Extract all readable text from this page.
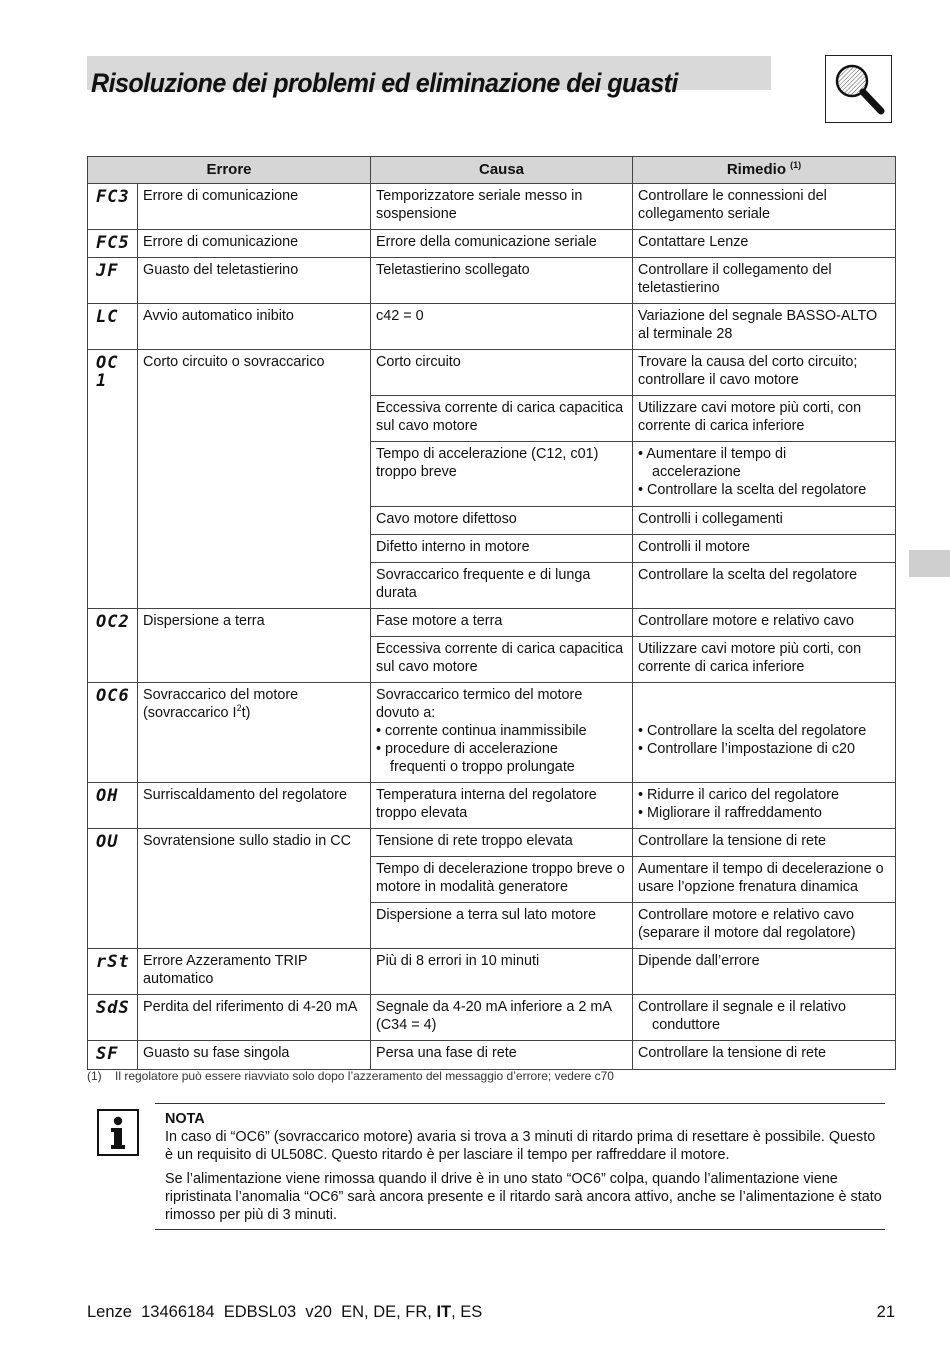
Risoluzione dei problemi ed eliminazione dei guasti
Errore		Causa	Rimedio $^{(1)}$
FC3	Errore di comunicazione	Temporizzatore seriale messo in sospensione	Controllare le connessioni del collegamento seriale
FC5	Errore di comunicazione	Errore della comunicazione seriale	Contattare Lenze
JF	Guasto del teletastierino	Teletastierino scollegato	Controllare il collegamento del teletastierino
LC	Avvio automatico inibito	c42 = 0	Variazione del segnale BASSO-ALTO al terminale 28
OC 1	Corto circuito o sovraccarico	Corto circuito	Trovare la causa del corto circuito; controllare il cavo motore
		Eccessiva corrente di carica capacitica sul cavo motore	Utilizzare cavi motore più corti, con corrente di carica inferiore
		Tempo di accelerazione (C12, c01) troppo breve	• Aumentare il tempo di
accelerazione
• Controllare la scelta del regolatore

		Cavo motore difettoso	Controlli i collegamenti
		Difetto interno in motore	Controlli il motore
		Sovraccarico frequente e di lunga durata	Controllare la scelta del regolatore
OC2	Dispersione a terra	Fase motore a terra	Controllare motore e relativo cavo
		Eccessiva corrente di carica capacitica sul cavo motore	Utilizzare cavi motore più corti, con corrente di carica inferiore
OC6	Sovraccarico del motore
(sovraccarico $I^2t$)	Sovraccarico termico del motore
dovuto a:
• corrente continua inammissibile
• procedure di accelerazione
frequenti o troppo prolungate	• Controllare la scelta del regolatore
• Controllare l’impostazione di c20

OH	Surriscaldamento del regolatore	Temperatura interna del regolatore troppo elevata	• Ridurre il carico del regolatore
• Migliorare il raffreddamento

OU	Sovratensione sullo stadio in CC	Tensione di rete troppo elevata	Controllare la tensione di rete
		Tempo di decelerazione troppo breve o motore in modalità generatore	Aumentare il tempo di decelerazione o usare l’opzione frenatura dinamica
		Dispersione a terra sul lato motore	Controllare motore e relativo cavo (separare il motore dal regolatore)
rSt	Errore Azzeramento TRIP automatico	Più di 8 errori in 10 minuti	Dipende dall’errore
SdS	Perdita del riferimento di 4-20 mA	Segnale da 4-20 mA inferiore a 2 mA (C34 = 4)	Controllare il segnale e il relativo
conduttore

SF	Guasto su fase singola	Persa una fase di rete	Controllare la tensione di rete
(1) Il regolatore può essere riavviato solo dopo l’azzeramento del messaggio d’errore; vedere c70
NOTA

In caso di “OC6” (sovraccarico motore) avaria si trova a 3 minuti di ritardo prima di resettare è possibile. Questo è un requisito di UL508C. Questo ritardo è per lasciare il tempo per raffreddare il motore.

Se l’alimentazione viene rimossa quando il drive è in uno stato “OC6” colpa, quando l’alimentazione viene ripristinata l’anomalia “OC6” sarà ancora presente e il ritardo sarà ancora attivo, anche se l’alimentazione è stato rimosso per più di 3 minuti.

Lenze  13466184  EDBSL03  v20  EN, DE, FR, IT, ES	21
